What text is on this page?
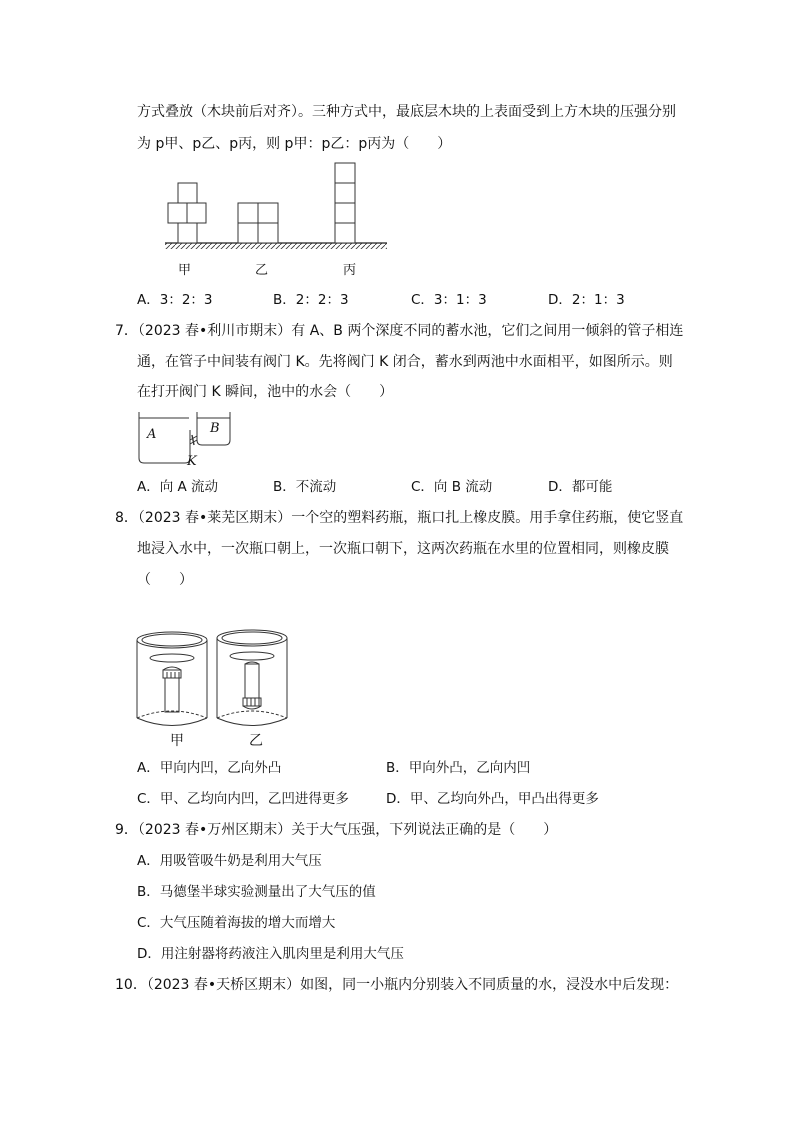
方式叠放（木块前后对齐）。三种方式中，最底层木块的上表面受到上方木块的压强分别
为 p甲、p乙、p丙，则 p甲：p乙：p丙为（　　）
甲	乙	丙
A．3：2：3	B．2：2：3	C．3：1：3	D．2：1：3
7．（2023 春•利川市期末）有 A、B 两个深度不同的蓄水池，它们之间用一倾斜的管子相连
通，在管子中间装有阀门 K。先将阀门 K 闭合，蓄水到两池中水面相平，如图所示。则
在打开阀门 K 瞬间，池中的水会（　　）
A	B
K
A．向 A 流动	B．不流动	C．向 B 流动	D．都可能
8．（2023 春•莱芜区期末）一个空的塑料药瓶，瓶口扎上橡皮膜。用手拿住药瓶，使它竖直
地浸入水中，一次瓶口朝上，一次瓶口朝下，这两次药瓶在水里的位置相同，则橡皮膜
（　　）
甲	乙
A．甲向内凹，乙向外凸	B．甲向外凸，乙向内凹
C．甲、乙均向内凹，乙凹进得更多	D．甲、乙均向外凸，甲凸出得更多
9．（2023 春•万州区期末）关于大气压强，下列说法正确的是（　　）
A．用吸管吸牛奶是利用大气压
B．马德堡半球实验测量出了大气压的值
C．大气压随着海拔的增大而增大
D．用注射器将药液注入肌肉里是利用大气压
10．（2023 春•天桥区期末）如图，同一小瓶内分别装入不同质量的水，浸没水中后发现：
